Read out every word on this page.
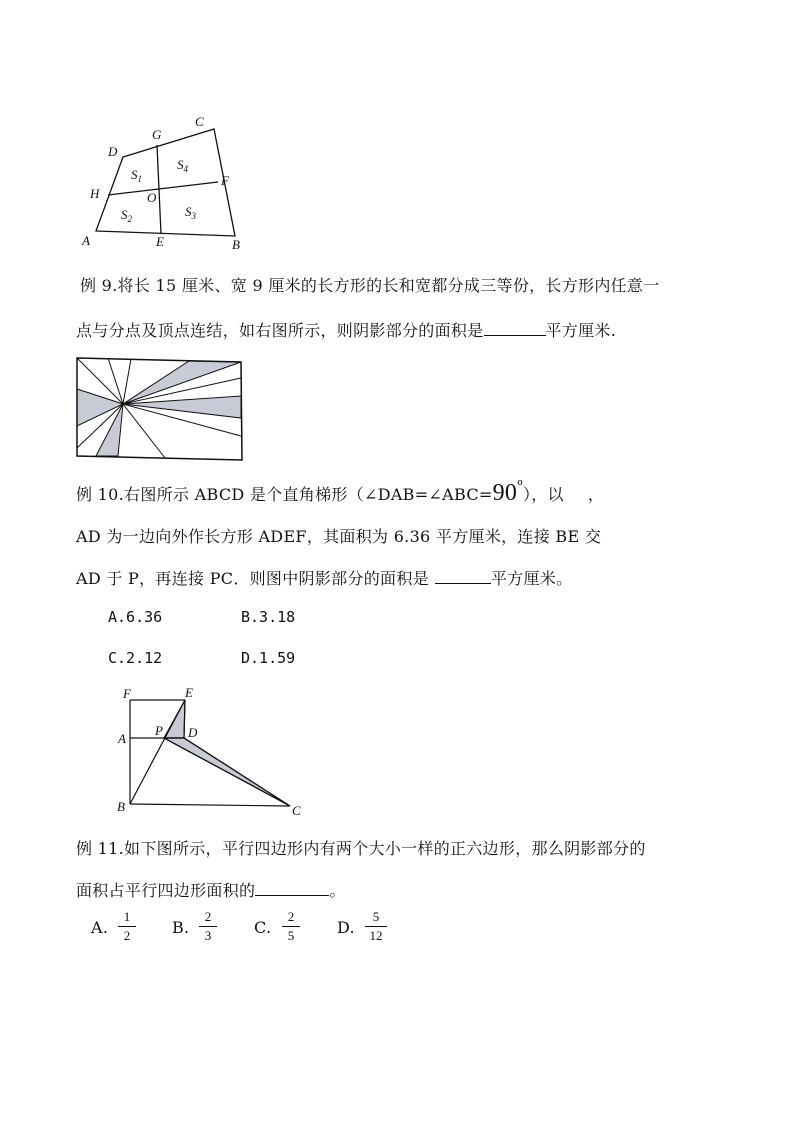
A	B
C
D
E
F
G
H	O
$S_1$
$S_2$	$S_3$
$S_4$
例 9.将长 15 厘米、宽 9 厘米的长方形的长和宽都分成三等份，长方形内任意一
点与分点及顶点连结，如右图所示，则阴影部分的面积是	平方厘米.
例 10.右图所示 ABCD 是个直角梯形$(\angle DAB=\angle ABC=90^o)$，以 ，
AD 为一边向外作长方形 ADEF，其面积为 6.36 平方厘米，连接 BE 交
AD 于 P，再连接 PC．则图中阴影部分的面积是	平方厘米。
A.6.36	B.3.18
C.2.12	D.1.59
F	E
A
P D
B	C
例 11.如下图所示，平行四边形内有两个大小一样的正六边形，那么阴影部分的
面积占平行四边形面积的	。
A.
1
2	B.
2
3	C.
2
5	D.
5
12
